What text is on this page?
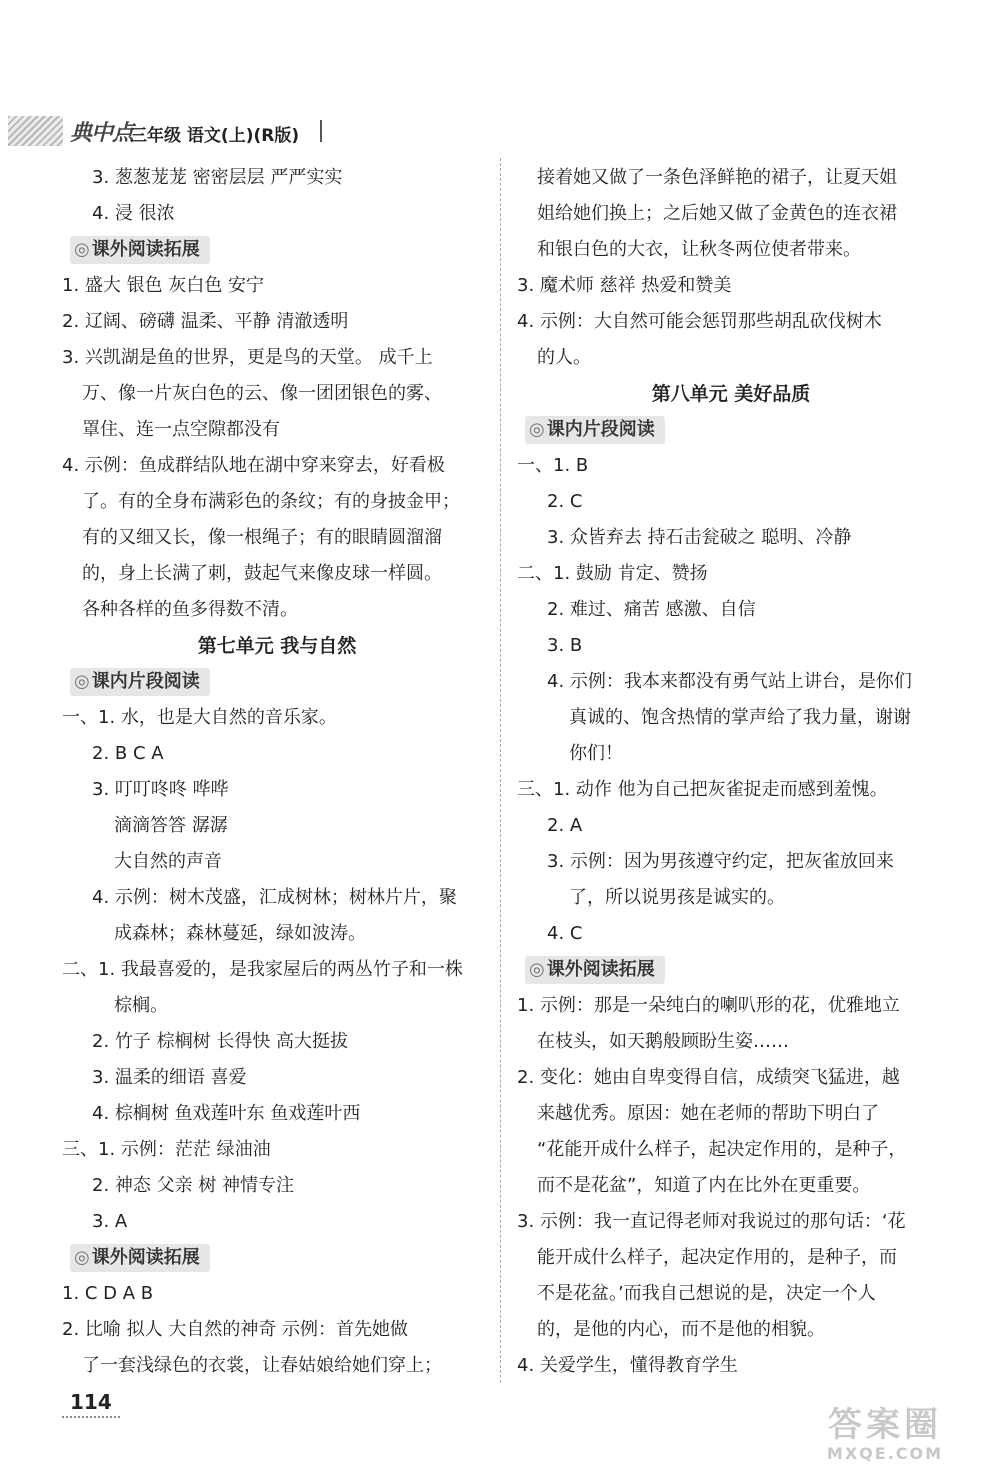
典中点
三年级 语文(上)(R版)
3. 葱葱茏茏 密密层层 严严实实
4. 浸 很浓
◎ 课外阅读拓展
1. 盛大 银色 灰白色 安宁
2. 辽阔、磅礴 温柔、平静 清澈透明
3. 兴凯湖是鱼的世界，更是鸟的天堂。 成千上
万、像一片灰白色的云、像一团团银色的雾、
罩住、连一点空隙都没有
4. 示例：鱼成群结队地在湖中穿来穿去，好看极
了。有的全身布满彩色的条纹；有的身披金甲；
有的又细又长，像一根绳子；有的眼睛圆溜溜
的，身上长满了刺，鼓起气来像皮球一样圆。
各种各样的鱼多得数不清。
第七单元 我与自然
◎ 课内片段阅读
一、1. 水，也是大自然的音乐家。
2. B C A
3. 叮叮咚咚 哗哗
滴滴答答 潺潺
大自然的声音
4. 示例：树木茂盛，汇成树林；树林片片，聚
成森林；森林蔓延，绿如波涛。
二、1. 我最喜爱的，是我家屋后的两丛竹子和一株
棕榈。
2. 竹子 棕榈树 长得快 高大挺拔
3. 温柔的细语 喜爱
4. 棕榈树 鱼戏莲叶东 鱼戏莲叶西
三、1. 示例：茫茫 绿油油
2. 神态 父亲 树 神情专注
3. A
◎ 课外阅读拓展
1. C D A B
2. 比喻 拟人 大自然的神奇 示例：首先她做
了一套浅绿色的衣裳，让春姑娘给她们穿上；
接着她又做了一条色泽鲜艳的裙子，让夏天姐
姐给她们换上；之后她又做了金黄色的连衣裙
和银白色的大衣，让秋冬两位使者带来。
3. 魔术师 慈祥 热爱和赞美
4. 示例：大自然可能会惩罚那些胡乱砍伐树木
的人。
第八单元 美好品质
◎ 课内片段阅读
一、1. B
2. C
3. 众皆弃去 持石击瓮破之 聪明、冷静
二、1. 鼓励 肯定、赞扬
2. 难过、痛苦 感激、自信
3. B
4. 示例：我本来都没有勇气站上讲台，是你们
真诚的、饱含热情的掌声给了我力量，谢谢
你们！
三、1. 动作 他为自己把灰雀捉走而感到羞愧。
2. A
3. 示例：因为男孩遵守约定，把灰雀放回来
了，所以说男孩是诚实的。
4. C
◎ 课外阅读拓展
1. 示例：那是一朵纯白的喇叭形的花，优雅地立
在枝头，如天鹅般顾盼生姿……
2. 变化：她由自卑变得自信，成绩突飞猛进，越
来越优秀。原因：她在老师的帮助下明白了
“花能开成什么样子，起决定作用的，是种子，
而不是花盆”，知道了内在比外在更重要。
3. 示例：我一直记得老师对我说过的那句话：‘花
能开成什么样子，起决定作用的，是种子，而
不是花盆。’而我自己想说的是，决定一个人
的，是他的内心，而不是他的相貌。
4. 关爱学生，懂得教育学生
114
答案圈
MXQE.COM
